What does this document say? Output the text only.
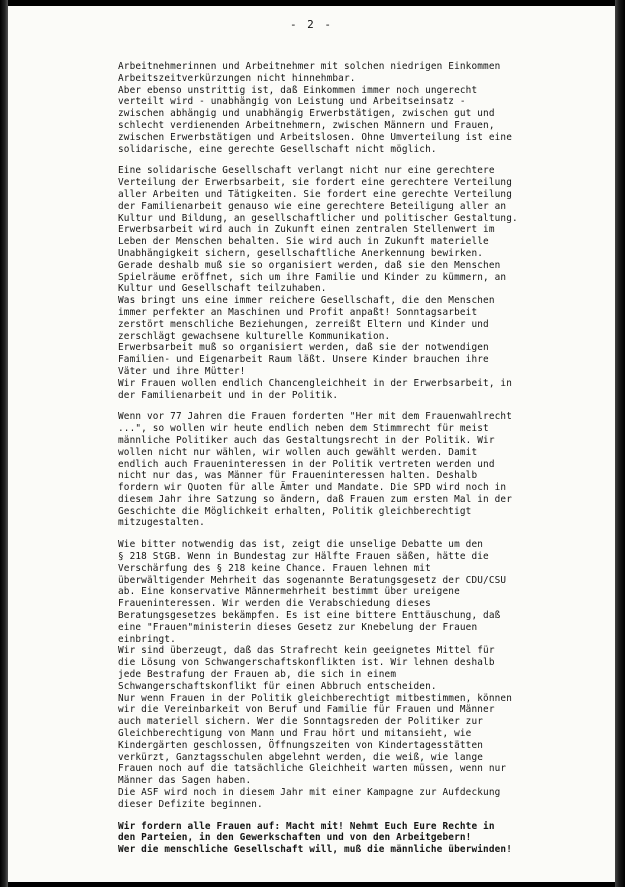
- 2 -
Arbeitnehmerinnen und Arbeitnehmer mit solchen niedrigen Einkommen
Arbeitszeitverkürzungen nicht hinnehmbar.
Aber ebenso unstrittig ist, daß Einkommen immer noch ungerecht
verteilt wird - unabhängig von Leistung und Arbeitseinsatz -
zwischen abhängig und unabhängig Erwerbstätigen, zwischen gut und
schlecht verdienenden Arbeitnehmern, zwischen Männern und Frauen,
zwischen Erwerbstätigen und Arbeitslosen. Ohne Umverteilung ist eine
solidarische, eine gerechte Gesellschaft nicht möglich.
Eine solidarische Gesellschaft verlangt nicht nur eine gerechtere
Verteilung der Erwerbsarbeit, sie fordert eine gerechtere Verteilung
aller Arbeiten und Tätigkeiten. Sie fordert eine gerechte Verteilung
der Familienarbeit genauso wie eine gerechtere Beteiligung aller an
Kultur und Bildung, an gesellschaftlicher und politischer Gestaltung.
Erwerbsarbeit wird auch in Zukunft einen zentralen Stellenwert im
Leben der Menschen behalten. Sie wird auch in Zukunft materielle
Unabhängigkeit sichern, gesellschaftliche Anerkennung bewirken.
Gerade deshalb muß sie so organisiert werden, daß sie den Menschen
Spielräume eröffnet, sich um ihre Familie und Kinder zu kümmern, an
Kultur und Gesellschaft teilzuhaben.
Was bringt uns eine immer reichere Gesellschaft, die den Menschen
immer perfekter an Maschinen und Profit anpaßt! Sonntagsarbeit
zerstört menschliche Beziehungen, zerreißt Eltern und Kinder und
zerschlägt gewachsene kulturelle Kommunikation.
Erwerbsarbeit muß so organisiert werden, daß sie der notwendigen
Familien- und Eigenarbeit Raum läßt. Unsere Kinder brauchen ihre
Väter und ihre Mütter!
Wir Frauen wollen endlich Chancengleichheit in der Erwerbsarbeit, in
der Familienarbeit und in der Politik.
Wenn vor 77 Jahren die Frauen forderten "Her mit dem Frauenwahlrecht
...", so wollen wir heute endlich neben dem Stimmrecht für meist
männliche Politiker auch das Gestaltungsrecht in der Politik. Wir
wollen nicht nur wählen, wir wollen auch gewählt werden. Damit
endlich auch Fraueninteressen in der Politik vertreten werden und
nicht nur das, was Männer für Fraueninteressen halten. Deshalb
fordern wir Quoten für alle Ämter und Mandate. Die SPD wird noch in
diesem Jahr ihre Satzung so ändern, daß Frauen zum ersten Mal in der
Geschichte die Möglichkeit erhalten, Politik gleichberechtigt
mitzugestalten.
Wie bitter notwendig das ist, zeigt die unselige Debatte um den
§ 218 StGB. Wenn in Bundestag zur Hälfte Frauen säßen, hätte die
Verschärfung des § 218 keine Chance. Frauen lehnen mit
überwältigender Mehrheit das sogenannte Beratungsgesetz der CDU/CSU
ab. Eine konservative Männermehrheit bestimmt über ureigene
Fraueninteressen. Wir werden die Verabschiedung dieses
Beratungsgesetzes bekämpfen. Es ist eine bittere Enttäuschung, daß
eine "Frauen"ministerin dieses Gesetz zur Knebelung der Frauen
einbringt.
Wir sind überzeugt, daß das Strafrecht kein geeignetes Mittel für
die Lösung von Schwangerschaftskonflikten ist. Wir lehnen deshalb
jede Bestrafung der Frauen ab, die sich in einem
Schwangerschaftskonflikt für einen Abbruch entscheiden.
Nur wenn Frauen in der Politik gleichberechtigt mitbestimmen, können
wir die Vereinbarkeit von Beruf und Familie für Frauen und Männer
auch materiell sichern. Wer die Sonntagsreden der Politiker zur
Gleichberechtigung von Mann und Frau hört und mitansieht, wie
Kindergärten geschlossen, Öffnungszeiten von Kindertagesstätten
verkürzt, Ganztagsschulen abgelehnt werden, die weiß, wie lange
Frauen noch auf die tatsächliche Gleichheit warten müssen, wenn nur
Männer das Sagen haben.
Die ASF wird noch in diesem Jahr mit einer Kampagne zur Aufdeckung
dieser Defizite beginnen.
Wir fordern alle Frauen auf: Macht mit! Nehmt Euch Eure Rechte in
den Parteien, in den Gewerkschaften und von den Arbeitgebern!
Wer die menschliche Gesellschaft will, muß die männliche überwinden!
